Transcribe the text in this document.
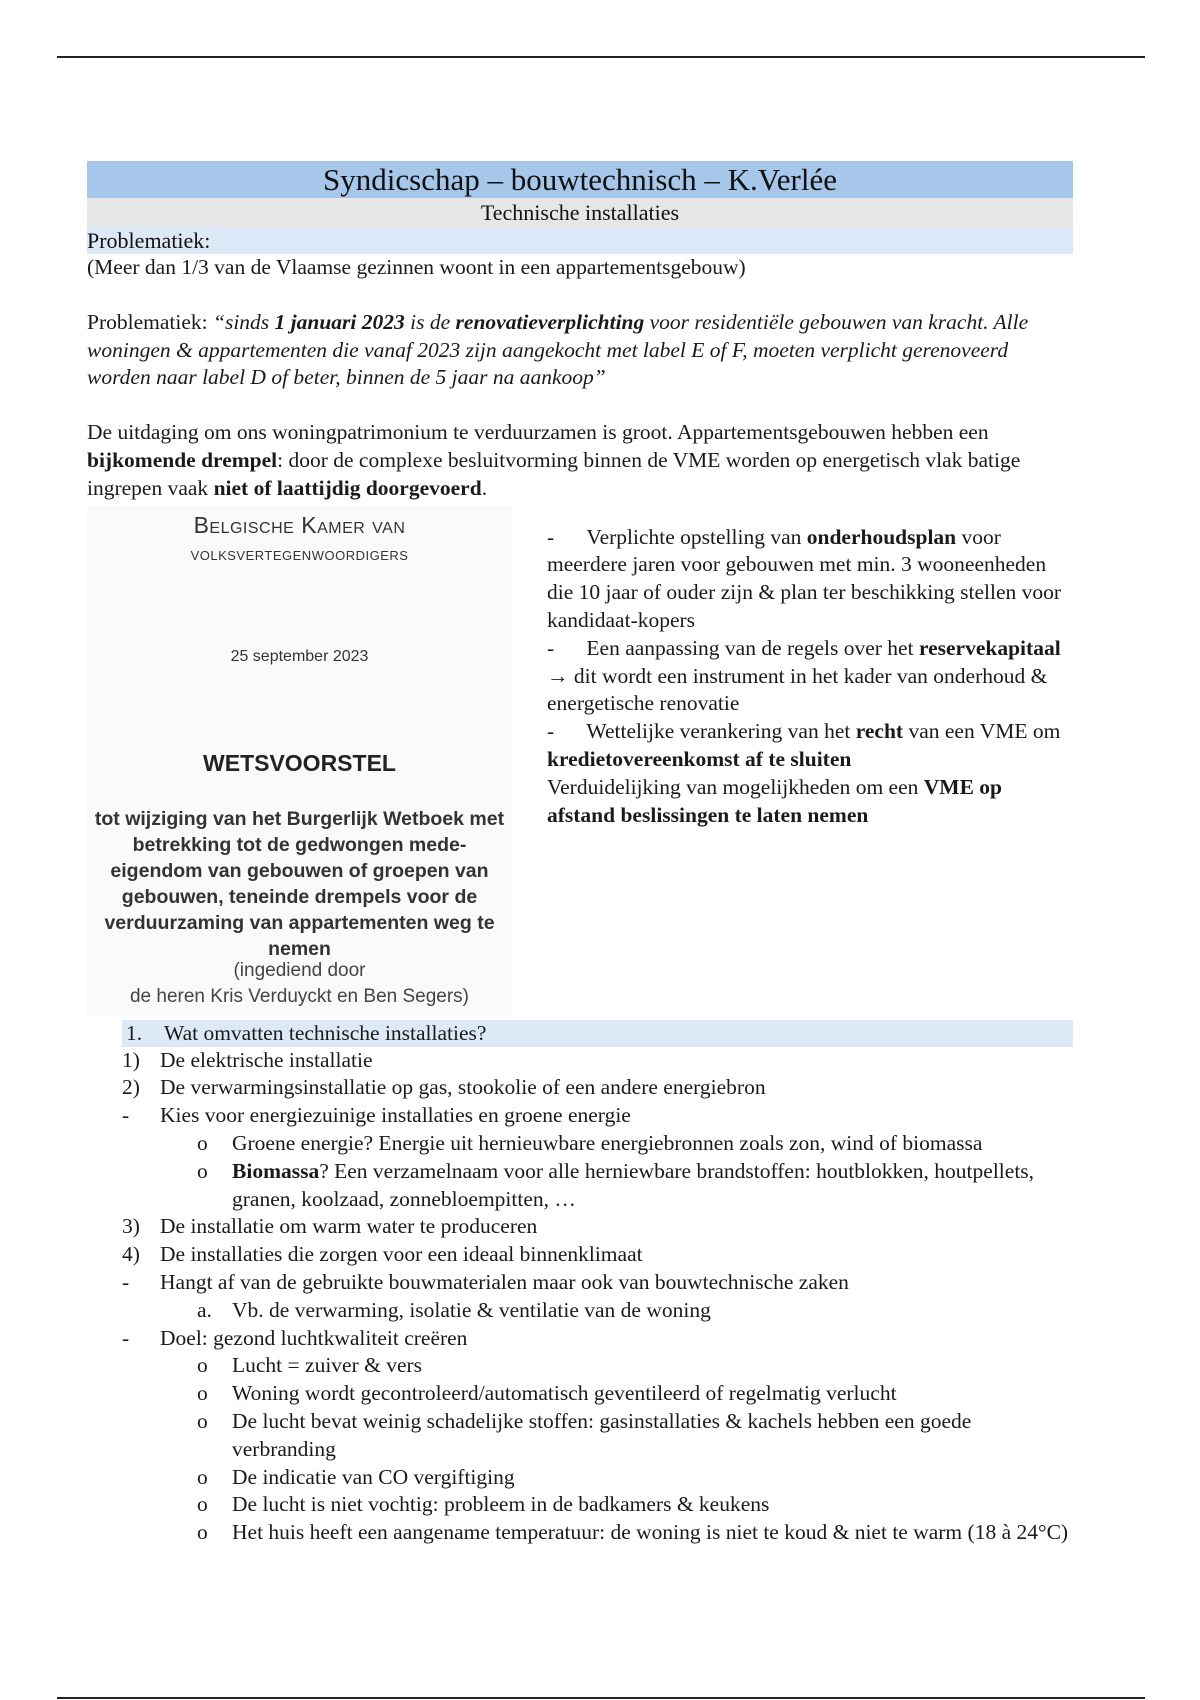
Syndicschap – bouwtechnisch – K.Verlée
Technische installaties
Problematiek:

(Meer dan 1/3 van de Vlaamse gezinnen woont in een appartementsgebouw)

Problematiek: “sinds 1 januari 2023 is de renovatieverplichting voor residentiële gebouwen van kracht. Alle woningen & appartementen die vanaf 2023 zijn aangekocht met label E of F, moeten verplicht gerenoveerd worden naar label D of beter, binnen de 5 jaar na aankoop”

De uitdaging om ons woningpatrimonium te verduurzamen is groot. Appartementsgebouwen hebben een bijkomende drempel: door de complexe besluitvorming binnen de VME worden op energetisch vlak batige ingrepen vaak niet of laattijdig doorgevoerd.

Belgische Kamer van
volksvertegenwoordigers
25 september 2023
WETSVOORSTEL
tot wijziging van het Burgerlijk Wetboek met betrekking tot de gedwongen mede-eigendom van gebouwen of groepen van gebouwen, teneinde drempels voor de verduurzaming van appartementen weg te nemen
(ingediend door
de heren Kris Verduyckt en Ben Segers)

- Verplichte opstelling van onderhoudsplan voor meerdere jaren voor gebouwen met min. 3 wooneenheden die 10 jaar of ouder zijn & plan ter beschikking stellen voor kandidaat-kopers

- Een aanpassing van de regels over het reservekapitaal → dit wordt een instrument in het kader van onderhoud & energetische renovatie

- Wettelijke verankering van het recht van een VME om kredietovereenkomst af te sluiten

Verduidelijking van mogelijkheden om een VME op afstand beslissingen te laten nemen

1. Wat omvatten technische installaties?
1) De elektrische installatie
2) De verwarmingsinstallatie op gas, stookolie of een andere energiebron
- Kies voor energiezuinige installaties en groene energie
o Groene energie? Energie uit hernieuwbare energiebronnen zoals zon, wind of biomassa
o Biomassa? Een verzamelnaam voor alle herniewbare brandstoffen: houtblokken, houtpellets, granen, koolzaad, zonnebloempitten, …
3) De installatie om warm water te produceren
4) De installaties die zorgen voor een ideaal binnenklimaat
- Hangt af van de gebruikte bouwmaterialen maar ook van bouwtechnische zaken
a. Vb. de verwarming, isolatie & ventilatie van de woning
- Doel: gezond luchtkwaliteit creëren
o Lucht = zuiver & vers
o Woning wordt gecontroleerd/automatisch geventileerd of regelmatig verlucht
o De lucht bevat weinig schadelijke stoffen: gasinstallaties & kachels hebben een goede verbranding
o De indicatie van CO vergiftiging
o De lucht is niet vochtig: probleem in de badkamers & keukens
o Het huis heeft een aangename temperatuur: de woning is niet te koud & niet te warm (18 à 24°C)
